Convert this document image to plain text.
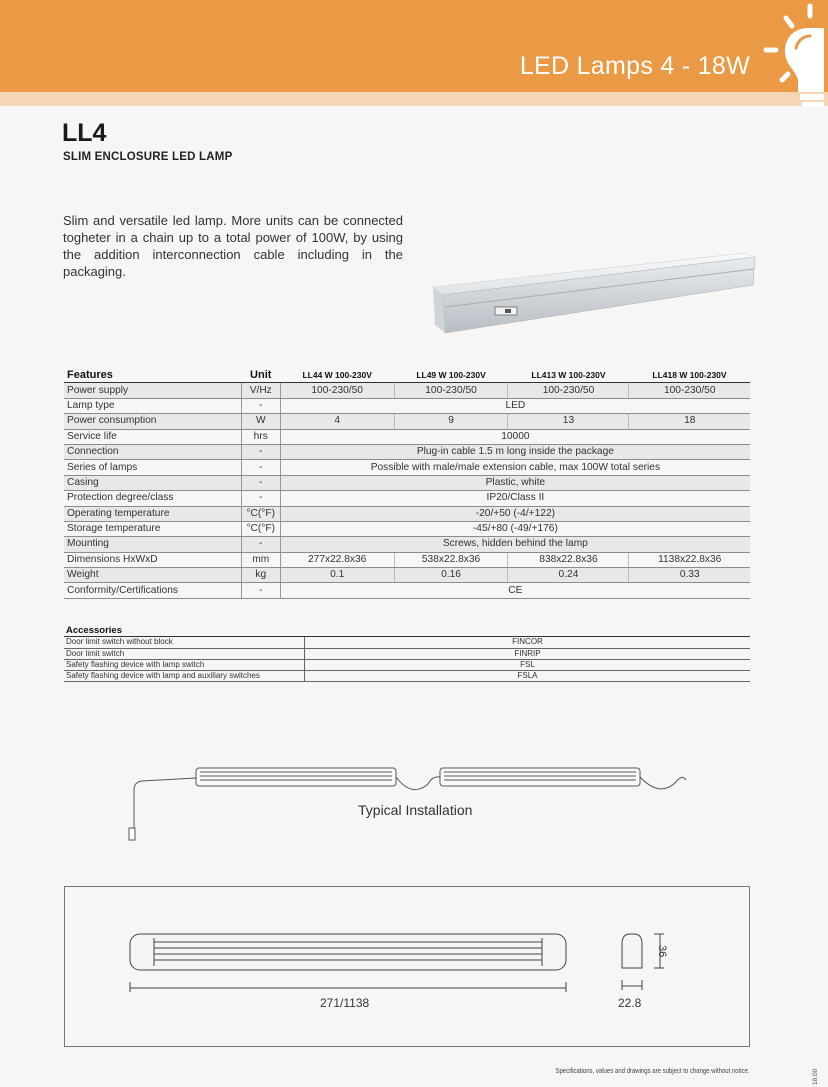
LED Lamps 4 - 18W
LL4
SLIM ENCLOSURE LED LAMP
Slim and versatile led lamp. More units can be connected togheter in a chain up to a total power of 100W, by using the addition interconnection cable including in the packaging.
Features	Unit	LL44 W 100-230V	LL49 W 100-230V	LL413 W 100-230V	LL418 W 100-230V
Power supply	V/Hz	100-230/50	100-230/50	100-230/50	100-230/50
Lamp type	-	LED			
Power consumption	W	4	9	13	18
Service life	hrs	10000			
Connection	-	Plug-in cable 1.5 m long inside the package			
Series of lamps	-	Possible with male/male extension cable, max 100W total series			
Casing	-	Plastic, white			
Protection degree/class	-	IP20/Class II			
Operating temperature	°C(°F)	-20/+50 (-4/+122)			
Storage temperature	°C(°F)	-45/+80 (-49/+176)			
Mounting	-	Screws, hidden behind the lamp			
Dimensions HxWxD	mm	277x22.8x36	538x22.8x36	838x22.8x36	1138x22.8x36
Weight	kg	0.1	0.16	0.24	0.33
Conformity/Certifications	-	CE			
Accessories	
Door limit switch without block	FINCOR
Door limit switch	FINRIP
Safety flashing device with lamp switch	FSL
Safety flashing device with lamp and auxiliary switches	FSLA
Typical Installation
271/1138	22.8
36
Specifications, values and drawings are subject to change without notice.	18.00
